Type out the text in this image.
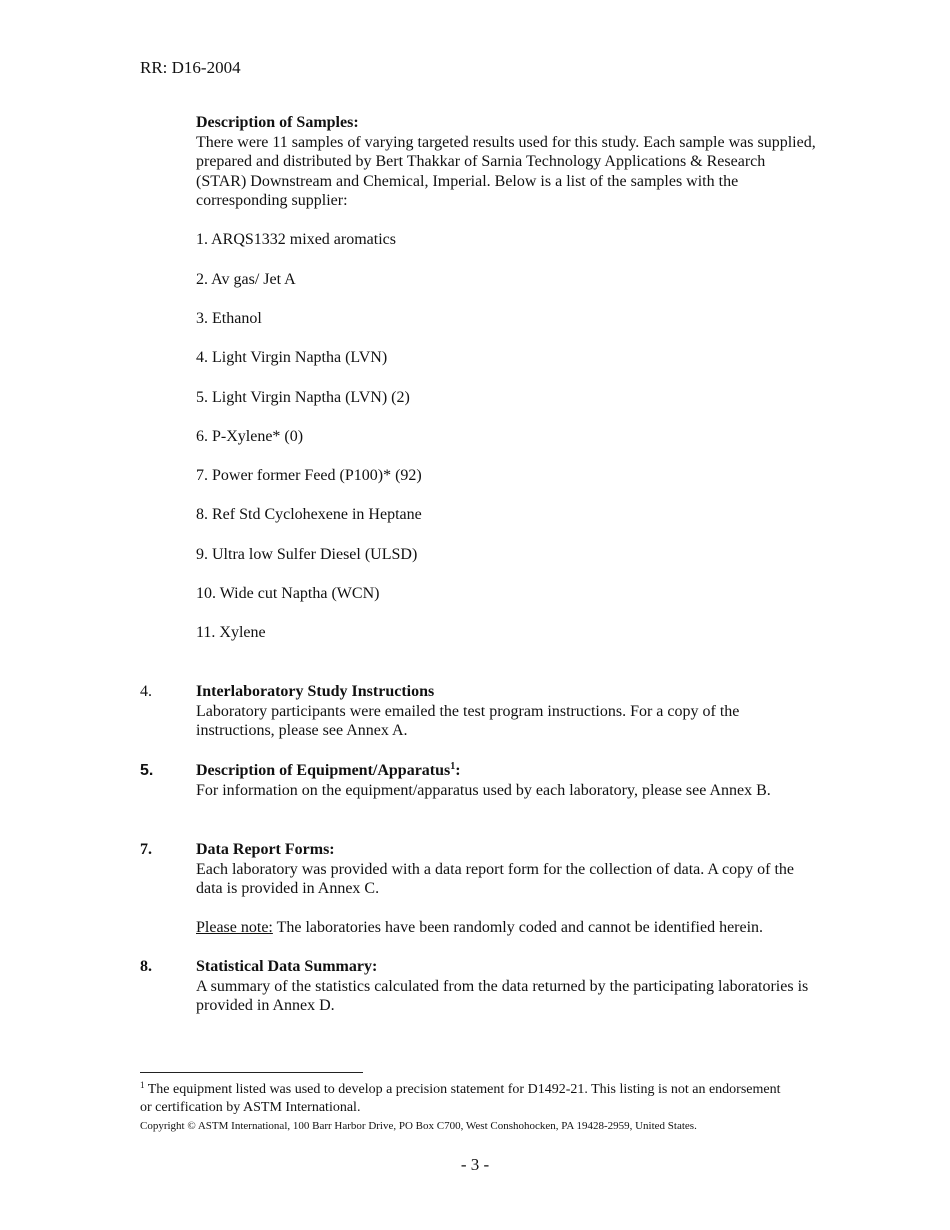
RR: D16-2004
Description of Samples:
There were 11 samples of varying targeted results used for this study. Each sample was supplied, prepared and distributed by Bert Thakkar of Sarnia Technology Applications & Research (STAR) Downstream and Chemical, Imperial. Below is a list of the samples with the corresponding supplier:
1. ARQS1332 mixed aromatics
2. Av gas/ Jet A
3. Ethanol
4. Light Virgin Naptha (LVN)
5. Light Virgin Naptha (LVN) (2)
6. P-Xylene* (0)
7. Power former Feed (P100)* (92)
8. Ref Std Cyclohexene in Heptane
9. Ultra low Sulfer Diesel (ULSD)
10. Wide cut Naptha (WCN)
11. Xylene
4.	Interlaboratory Study Instructions
Laboratory participants were emailed the test program instructions. For a copy of the instructions, please see Annex A.
5.	Description of Equipment/Apparatus$^1$:
For information on the equipment/apparatus used by each laboratory, please see Annex B.
7.	Data Report Forms:
Each laboratory was provided with a data report form for the collection of data. A copy of the data is provided in Annex C.
Please note: The laboratories have been randomly coded and cannot be identified herein.
8.	Statistical Data Summary:
A summary of the statistics calculated from the data returned by the participating laboratories is provided in Annex D.
$^1$ The equipment listed was used to develop a precision statement for D1492-21. This listing is not an endorsement or certification by ASTM International.
Copyright © ASTM International, 100 Barr Harbor Drive, PO Box C700, West Conshohocken, PA 19428-2959, United States.
- 3 -
